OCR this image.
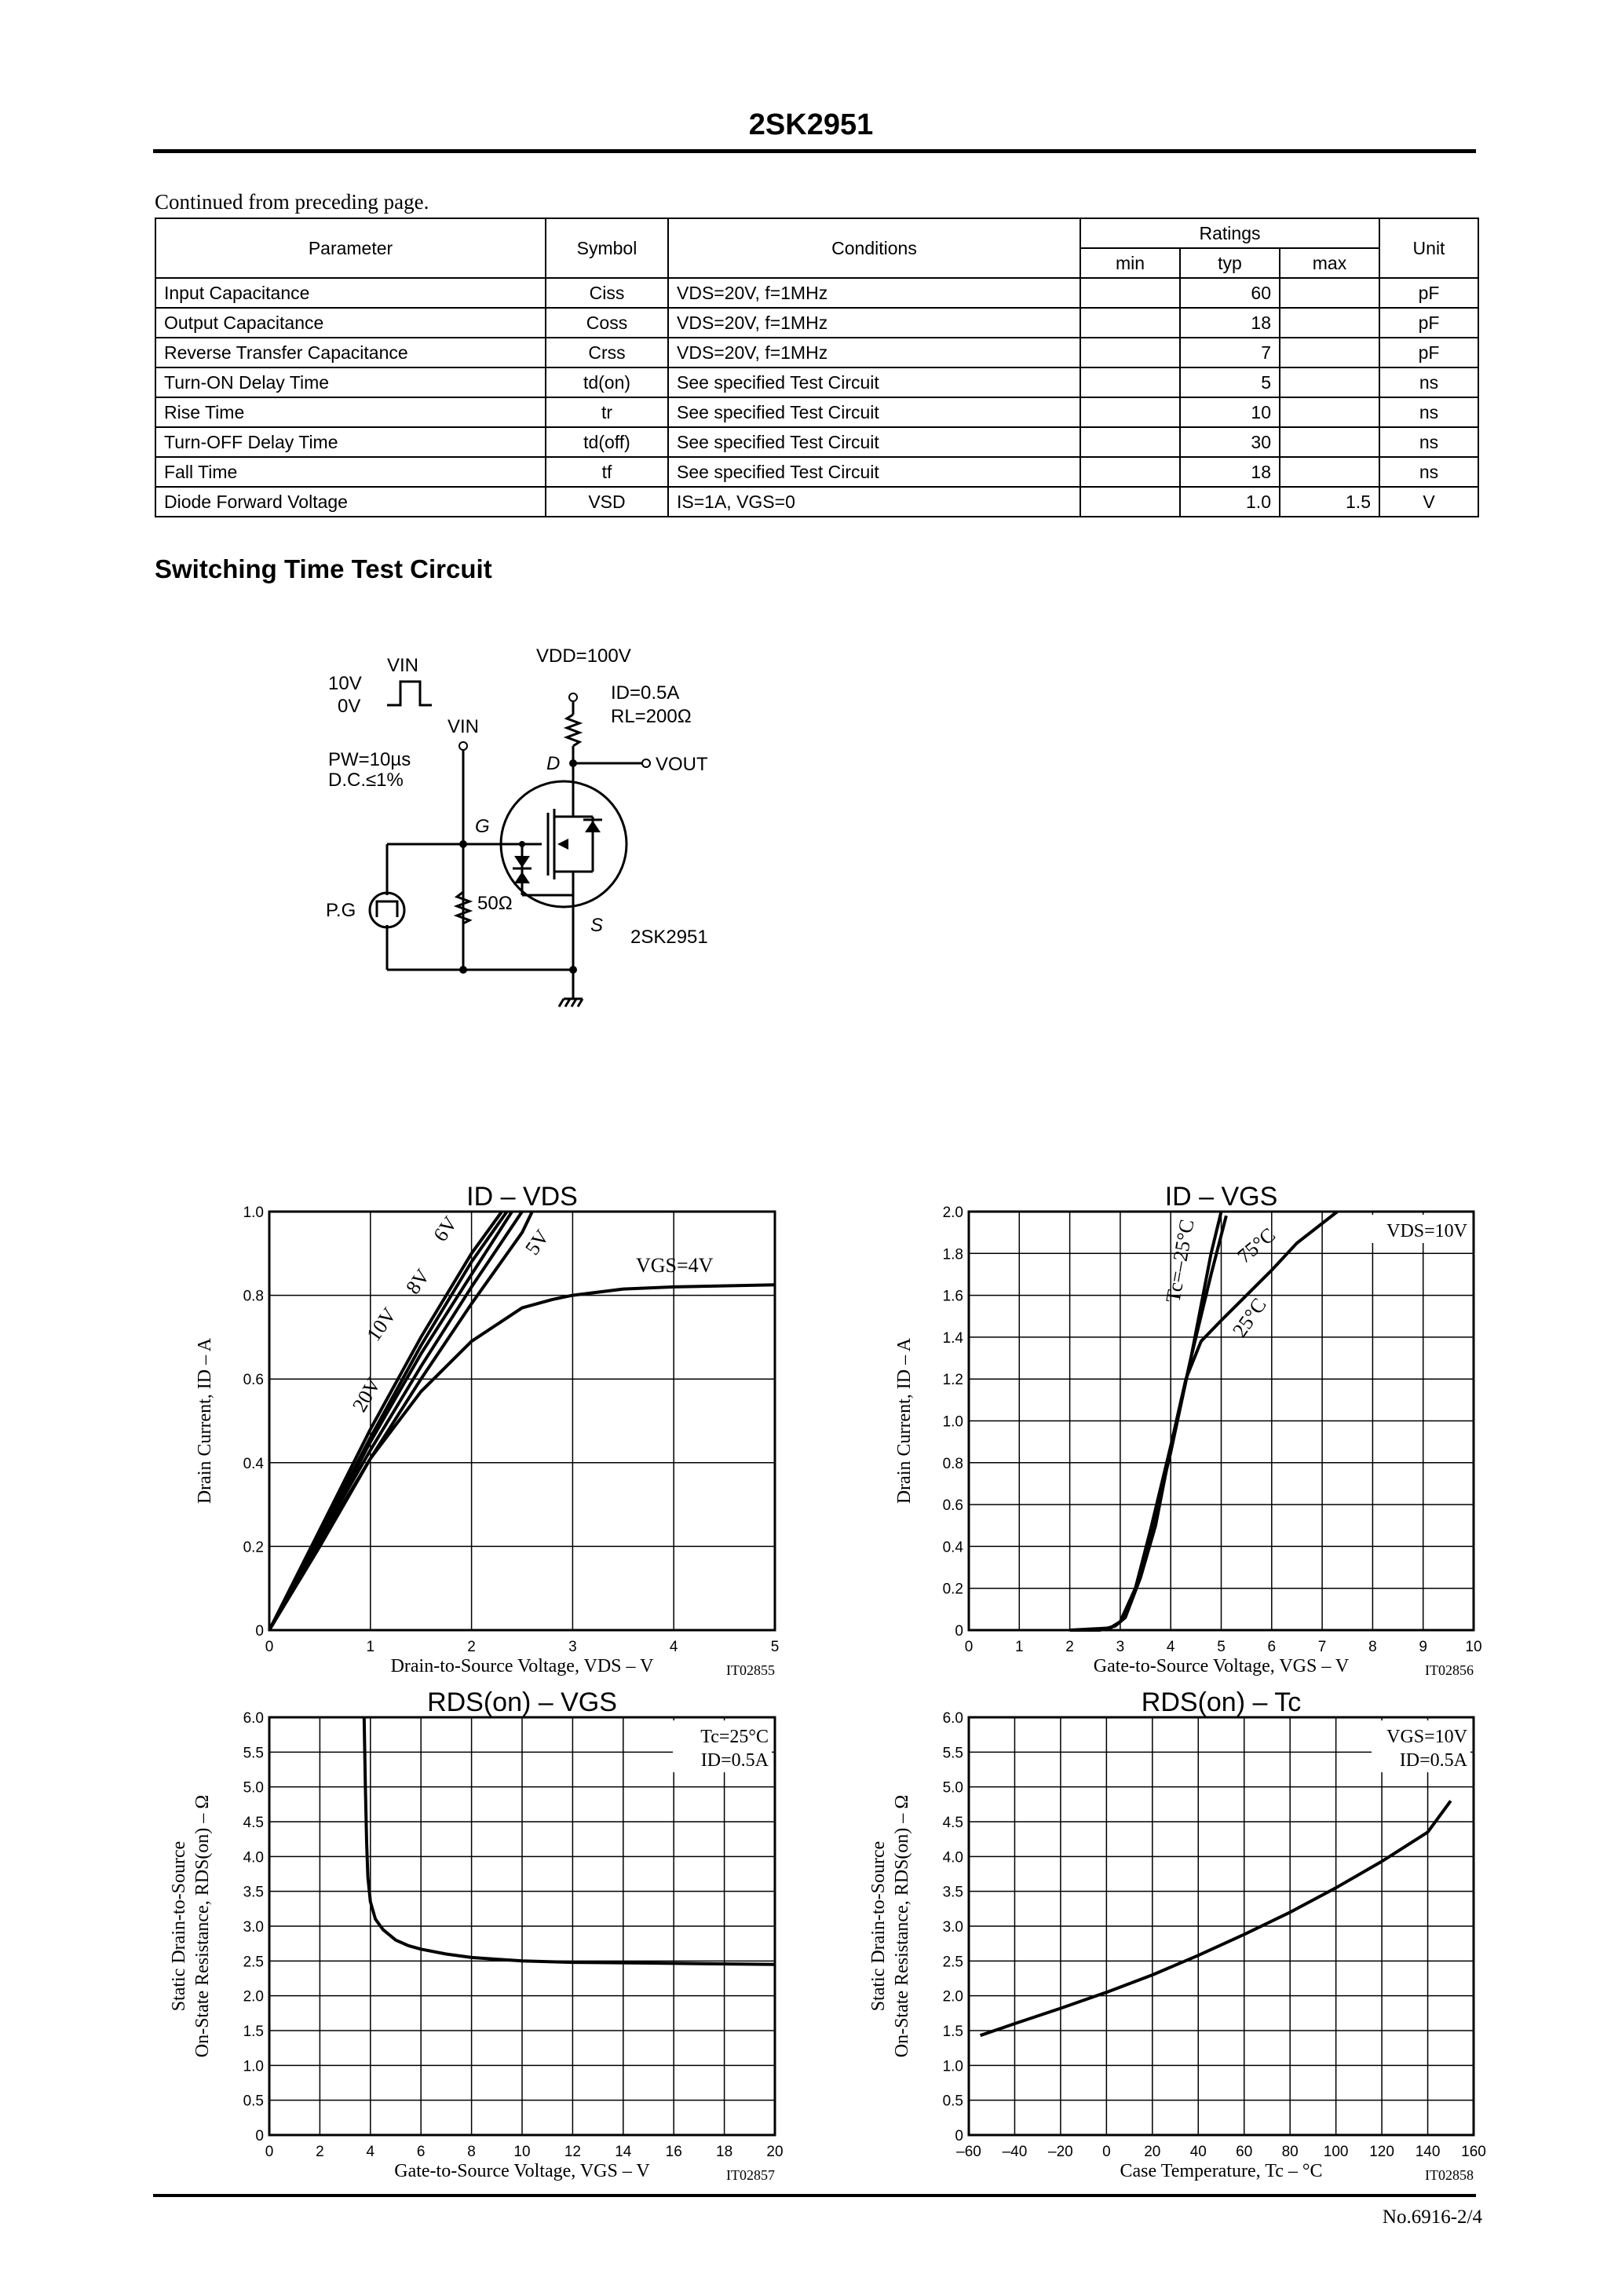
2SK2951
Continued from preceding page.
Parameter	Symbol	Conditions	Ratings			Unit
			min	typ	max	
Input Capacitance	Ciss	VDS=20V, f=1MHz		60		pF
Output Capacitance	Coss	VDS=20V, f=1MHz		18		pF
Reverse Transfer Capacitance	Crss	VDS=20V, f=1MHz		7		pF
Turn-ON Delay Time	td(on)	See specified Test Circuit		5		ns
Rise Time	tr	See specified Test Circuit		10		ns
Turn-OFF Delay Time	td(off)	See specified Test Circuit		30		ns
Fall Time	tf	See specified Test Circuit		18		ns
Diode Forward Voltage	VSD	IS=1A, VGS=0		1.0	1.5	V
Switching Time Test Circuit
VIN
10V
0V
PW=10µs
D.C.≤1%
VIN
VDD=100V
ID=0.5A
RL=200Ω
D	VOUT
G
S
50Ω
P.G
2SK2951
0	1	2	3	4	5
0
0.2
0.4
0.6
0.8
1.0
ID – VDS
Drain-to-Source Voltage, VDS – V	IT02855
Drain Current, ID – A
VGS=4V
5V
6V
8V
10V
20V
0	1	2	3	4	5	6	7	8	9	10
0
0.2
0.4
0.6
0.8
1.0
1.2
1.4
1.6
1.8
2.0
ID – VGS
Gate-to-Source Voltage, VGS – V	IT02856
Drain Current, ID – A
VDS=10V
Tc=–25°C 75°C
25°C
0	2	4	6	8	10 12 14 16 18 20
0
0.5
1.0
1.5
2.0
2.5
3.0
3.5
4.0
4.5
5.0
5.5
6.0
RDS(on) – VGS
Gate-to-Source Voltage, VGS – V	IT02857
Static Drain-to-Source On-State Resistance, RDS(on) – Ω
Tc=25°C
ID=0.5A
–60 –40 –20 0 20 40 60 80 100 120 140 160
0
0.5
1.0
1.5
2.0
2.5
3.0
3.5
4.0
4.5
5.0
5.5
6.0
RDS(on) – Tc
Case Temperature, Tc – °C	IT02858
Static Drain-to-Source On-State Resistance, RDS(on) – Ω
VGS=10V
ID=0.5A
No.6916-2/4
